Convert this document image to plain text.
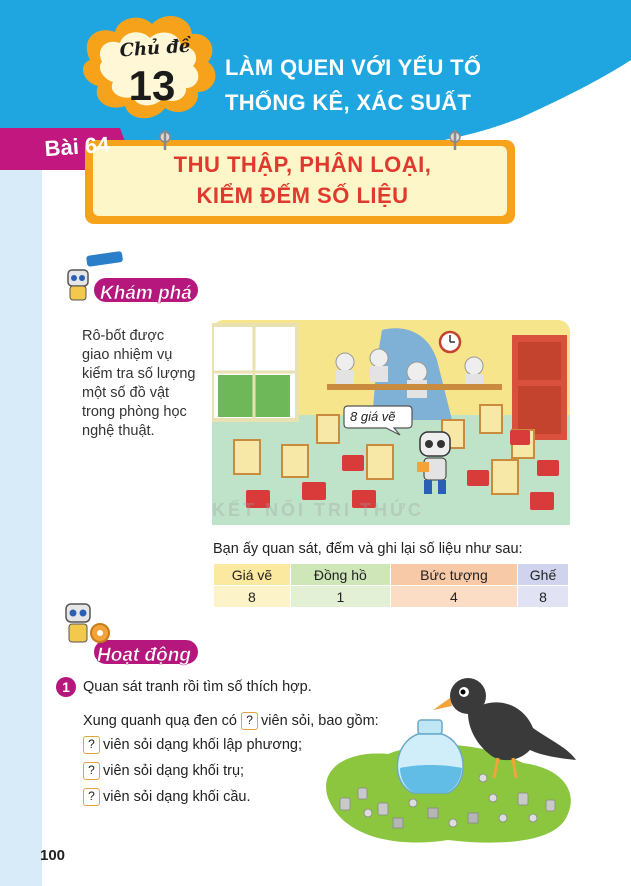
Chủ đề
13	LÀM QUEN VỚI YẾU TỐ
THỐNG KÊ, XÁC SUẤT
Bài 64
THU THẬP, PHÂN LOẠI,
KIỂM ĐẾM SỐ LIỆU
Khám phá
Rô-bốt được
giao nhiệm vụ
kiểm tra số lượng
một số đồ vật
trong phòng học
nghệ thuật.
8 giá vẽ
KẾT NỐI TRI THỨC
Bạn ấy quan sát, đếm và ghi lại số liệu như sau:
Giá vẽ	Đồng hồ	Bức tượng	Ghế
8	1	4	8
Hoạt động
1 Quan sát tranh rồi tìm số thích hợp.
Xung quanh quạ đen có ? viên sỏi, bao gồm:
? viên sỏi dạng khối lập phương;
? viên sỏi dạng khối trụ;
? viên sỏi dạng khối cầu.
100
